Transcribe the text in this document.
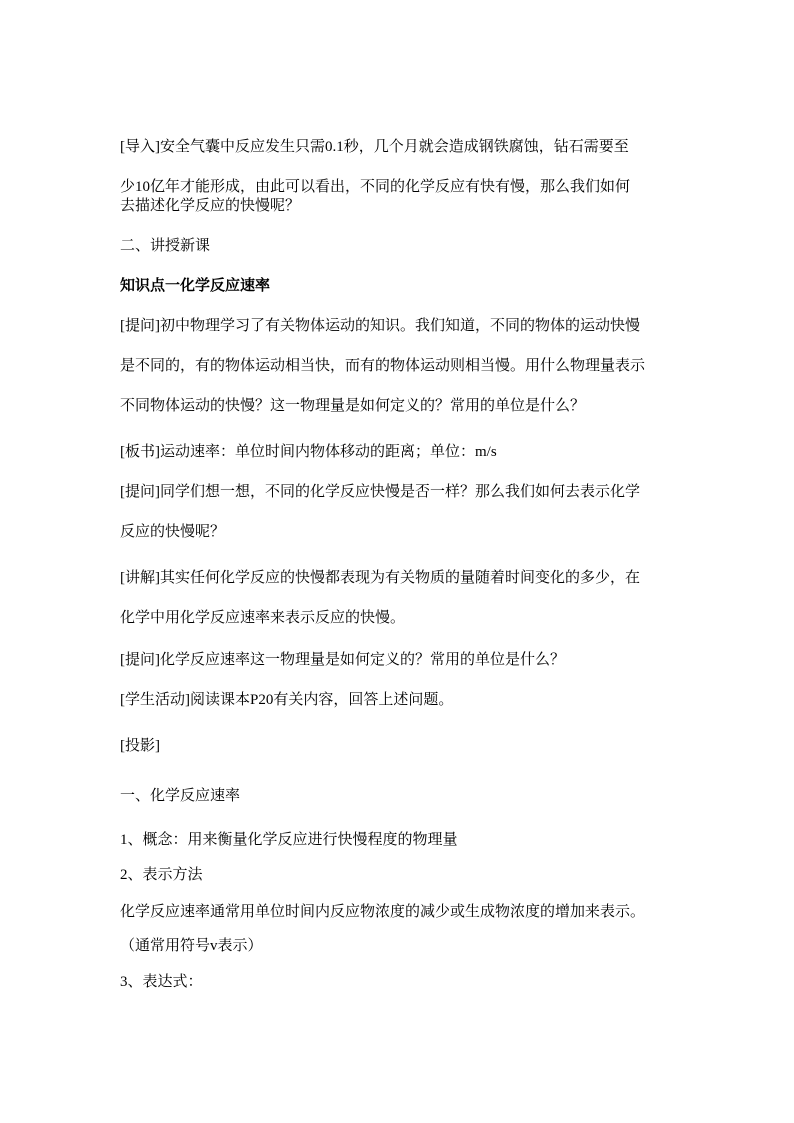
[导入]安全气囊中反应发生只需0.1秒，几个月就会造成钢铁腐蚀，钻石需要至
少10亿年才能形成，由此可以看出，不同的化学反应有快有慢，那么我们如何
去描述化学反应的快慢呢？
二、讲授新课
知识点一化学反应速率
[提问]初中物理学习了有关物体运动的知识。我们知道，不同的物体的运动快慢
是不同的，有的物体运动相当快，而有的物体运动则相当慢。用什么物理量表示
不同物体运动的快慢？这一物理量是如何定义的？常用的单位是什么？
[板书]运动速率：单位时间内物体移动的距离；单位：m/s
[提问]同学们想一想，不同的化学反应快慢是否一样？那么我们如何去表示化学
反应的快慢呢？
[讲解]其实任何化学反应的快慢都表现为有关物质的量随着时间变化的多少，在
化学中用化学反应速率来表示反应的快慢。
[提问]化学反应速率这一物理量是如何定义的？常用的单位是什么？
[学生活动]阅读课本P20有关内容，回答上述问题。
[投影]
一、化学反应速率
1、概念：用来衡量化学反应进行快慢程度的物理量
2、表示方法
化学反应速率通常用单位时间内反应物浓度的减少或生成物浓度的增加来表示。
（通常用符号v表示）
3、表达式：
